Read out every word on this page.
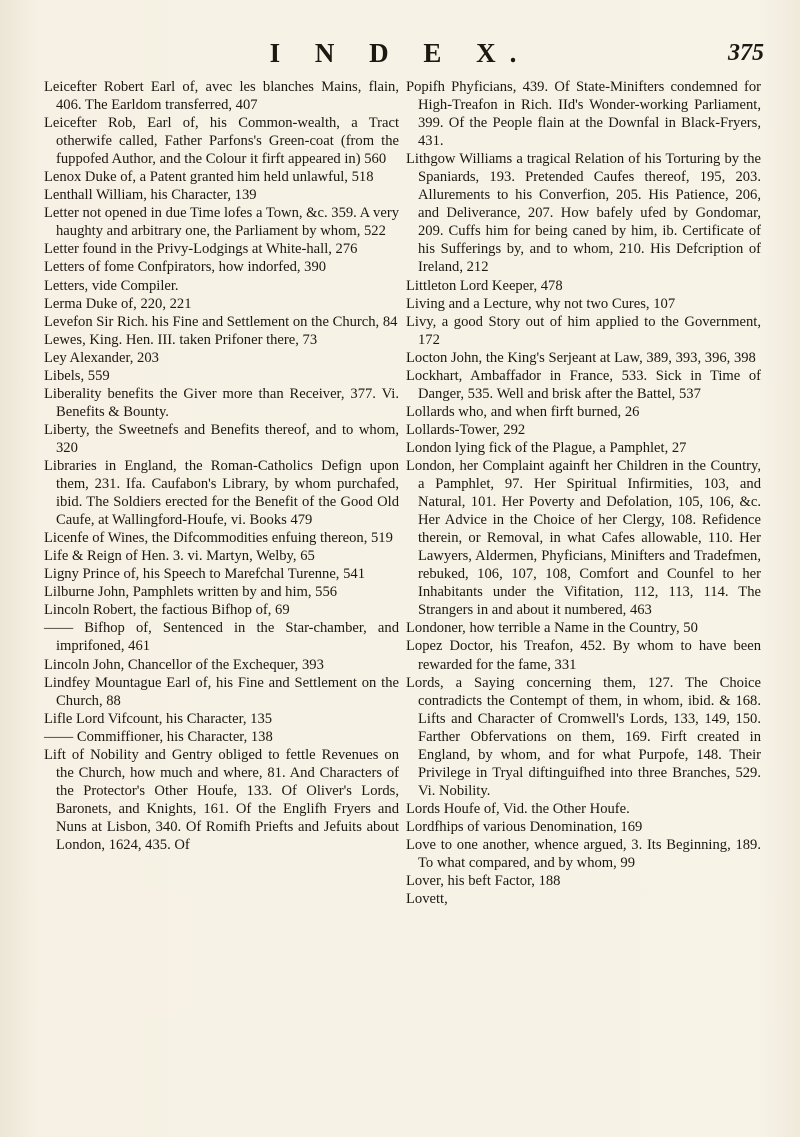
I N D E X.	375

Leicefter Robert Earl of, avec les blanches Mains, flain, 406. The Earldom transferred, 407

Leicefter Rob, Earl of, his Common-wealth, a Tract otherwife called, Father Parfons's Green-coat (from the fuppofed Author, and the Colour it firft appeared in) 560

Lenox Duke of, a Patent granted him held unlawful, 518

Lenthall William, his Character, 139

Letter not opened in due Time lofes a Town, &c. 359. A very haughty and arbitrary one, the Parliament by whom, 522

Letter found in the Privy-Lodgings at White-hall, 276

Letters of fome Confpirators, how indorfed, 390

Letters, vide Compiler.

Lerma Duke of, 220, 221

Levefon Sir Rich. his Fine and Settlement on the Church, 84

Lewes, King. Hen. III. taken Prifoner there, 73

Ley Alexander, 203

Libels, 559

Liberality benefits the Giver more than Receiver, 377. Vi. Benefits & Bounty.

Liberty, the Sweetnefs and Benefits thereof, and to whom, 320

Libraries in England, the Roman-Catholics Defign upon them, 231. Ifa. Caufabon's Library, by whom purchafed, ibid. The Soldiers erected for the Benefit of the Good Old Caufe, at Wallingford-Houfe, vi. Books 479

Licenfe of Wines, the Difcommodities enfuing thereon, 519

Life & Reign of Hen. 3. vi. Martyn, Welby, 65

Ligny Prince of, his Speech to Marefchal Turenne, 541

Lilburne John, Pamphlets written by and him, 556

Lincoln Robert, the factious Bifhop of, 69

—— Bifhop of, Sentenced in the Star-chamber, and imprifoned, 461

Lincoln John, Chancellor of the Exchequer, 393

Lindfey Mountague Earl of, his Fine and Settlement on the Church, 88

Lifle Lord Vifcount, his Character, 135

—— Commiffioner, his Character, 138

Lift of Nobility and Gentry obliged to fettle Revenues on the Church, how much and where, 81. And Characters of the Protector's Other Houfe, 133. Of Oliver's Lords, Baronets, and Knights, 161. Of the Englifh Fryers and Nuns at Lisbon, 340. Of Romifh Priefts and Jefuits about London, 1624, 435. Of

Popifh Phyficians, 439. Of State-Minifters condemned for High-Treafon in Rich. IId's Wonder-working Parliament, 399. Of the People flain at the Downfal in Black-Fryers, 431.

Lithgow Williams a tragical Relation of his Torturing by the Spaniards, 193. Pretended Caufes thereof, 195, 203. Allurements to his Converfion, 205. His Patience, 206, and Deliverance, 207. How bafely ufed by Gondomar, 209. Cuffs him for being caned by him, ib. Certificate of his Sufferings by, and to whom, 210. His Defcription of Ireland, 212

Littleton Lord Keeper, 478

Living and a Lecture, why not two Cures, 107

Livy, a good Story out of him applied to the Government, 172

Locton John, the King's Serjeant at Law, 389, 393, 396, 398

Lockhart, Ambaffador in France, 533. Sick in Time of Danger, 535. Well and brisk after the Battel, 537

Lollards who, and when firft burned, 26

Lollards-Tower, 292

London lying fick of the Plague, a Pamphlet, 27

London, her Complaint againft her Children in the Country, a Pamphlet, 97. Her Spiritual Infirmities, 103, and Natural, 101. Her Poverty and Defolation, 105, 106, &c. Her Advice in the Choice of her Clergy, 108. Refidence therein, or Removal, in what Cafes allowable, 110. Her Lawyers, Aldermen, Phyficians, Minifters and Tradefmen, rebuked, 106, 107, 108, Comfort and Counfel to her Inhabitants under the Vifitation, 112, 113, 114. The Strangers in and about it numbered, 463

Londoner, how terrible a Name in the Country, 50

Lopez Doctor, his Treafon, 452. By whom to have been rewarded for the fame, 331

Lords, a Saying concerning them, 127. The Choice contradicts the Contempt of them, in whom, ibid. & 168. Lifts and Character of Cromwell's Lords, 133, 149, 150. Farther Obfervations on them, 169. Firft created in England, by whom, and for what Purpofe, 148. Their Privilege in Tryal diftinguifhed into three Branches, 529. Vi. Nobility.

Lords Houfe of, Vid. the Other Houfe.

Lordfhips of various Denomination, 169

Love to one another, whence argued, 3. Its Beginning, 189. To what compared, and by whom, 99

Lover, his beft Factor, 188

Lovett,
